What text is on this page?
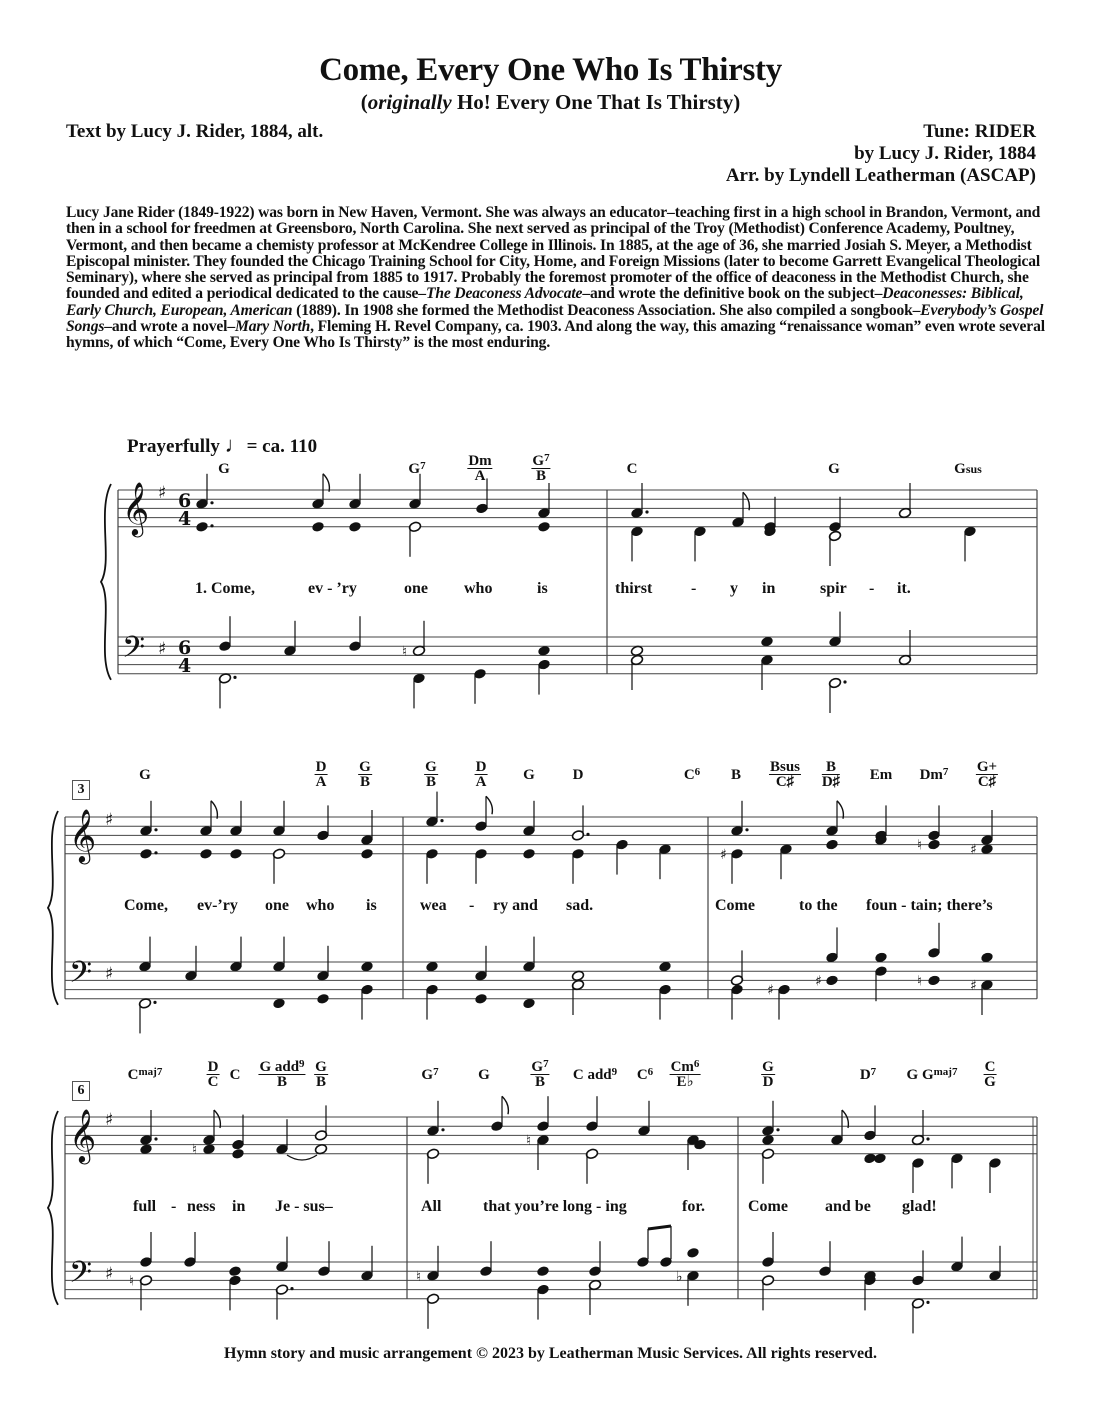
Come, Every One Who Is Thirsty
(originally Ho! Every One That Is Thirsty)
Text by Lucy J. Rider, 1884, alt.	Tune: RIDER
by Lucy J. Rider, 1884
Arr. by Lyndell Leatherman (ASCAP)
Lucy Jane Rider (1849-1922) was born in New Haven, Vermont. She was always an educator–teaching first in a high school in Brandon, Vermont, and then in a school for freedmen at Greensboro, North Carolina. She next served as principal of the Troy (Methodist) Conference Academy, Poultney, Vermont, and then became a chemisty professor at McKendree College in Illinois. In 1885, at the age of 36, she married Josiah S. Meyer, a Methodist Episcopal minister. They founded the Chicago Training School for City, Home, and Foreign Missions (later to become Garrett Evangelical Theological Seminary), where she served as principal from 1885 to 1917. Probably the foremost promoter of the office of deaconess in the Methodist Church, she founded and edited a periodical dedicated to the cause–The Deaconess Advocate–and wrote the definitive book on the subject–Deaconesses: Biblical, Early Church, European, American (1889). In 1908 she formed the Methodist Deaconess Association. She also compiled a songbook–Everybody’s Gospel Songs–and wrote a novel–Mary North, Fleming H. Revel Company, ca. 1903. And along the way, this amazing “renaissance woman” even wrote several hymns, of which “Come, Every One Who Is Thirsty” is the most enduring.
Prayerfully ♩= ca. 110
𝄞
𝄢
♯
♯
6
4
6
4
𝄞
𝄢
♯
♯
𝄞
𝄢
♯
♯
♮
♯
♮	♯
♯
♯	♮	♯
♮
♮
♮	♮	♭
G	$G^7$	$\frac{Dm}{A}$	$\frac{G^7}{B}$	C	G	Gsus
G	$\frac{D}{A} \frac{G}{B}$	$\frac{G}{B} \frac{D}{A}$ G	D	$C^6$ B $\frac{\text{Bsus}}{C♯} \frac{B}{D♯}$ Em $Dm^7 \frac{G+}{C♯}$
$C^{maj7}$	$\frac{D}{C}$ C $\frac{G add^9}{B} \frac{G}{B}$	$G^7$	G	$\frac{G^7}{B}$ C add$^9$ $C^6 \frac{Cm^6}{E♭}$	$\frac{G}{D}$	$D^7$ G $G^{maj7} \frac{C}{G}$
1. Come,	ev - ’ry	one who	is	thirst - y in	spir - it.
Come, ev-’ry one who is	wea - ry and sad.	Come	to the foun - tain; there’s
full - ness in Je - sus–	All	that you’re long - ing	for.	Come and be glad!
3
6
Hymn story and music arrangement © 2023 by Leatherman Music Services. All rights reserved.
